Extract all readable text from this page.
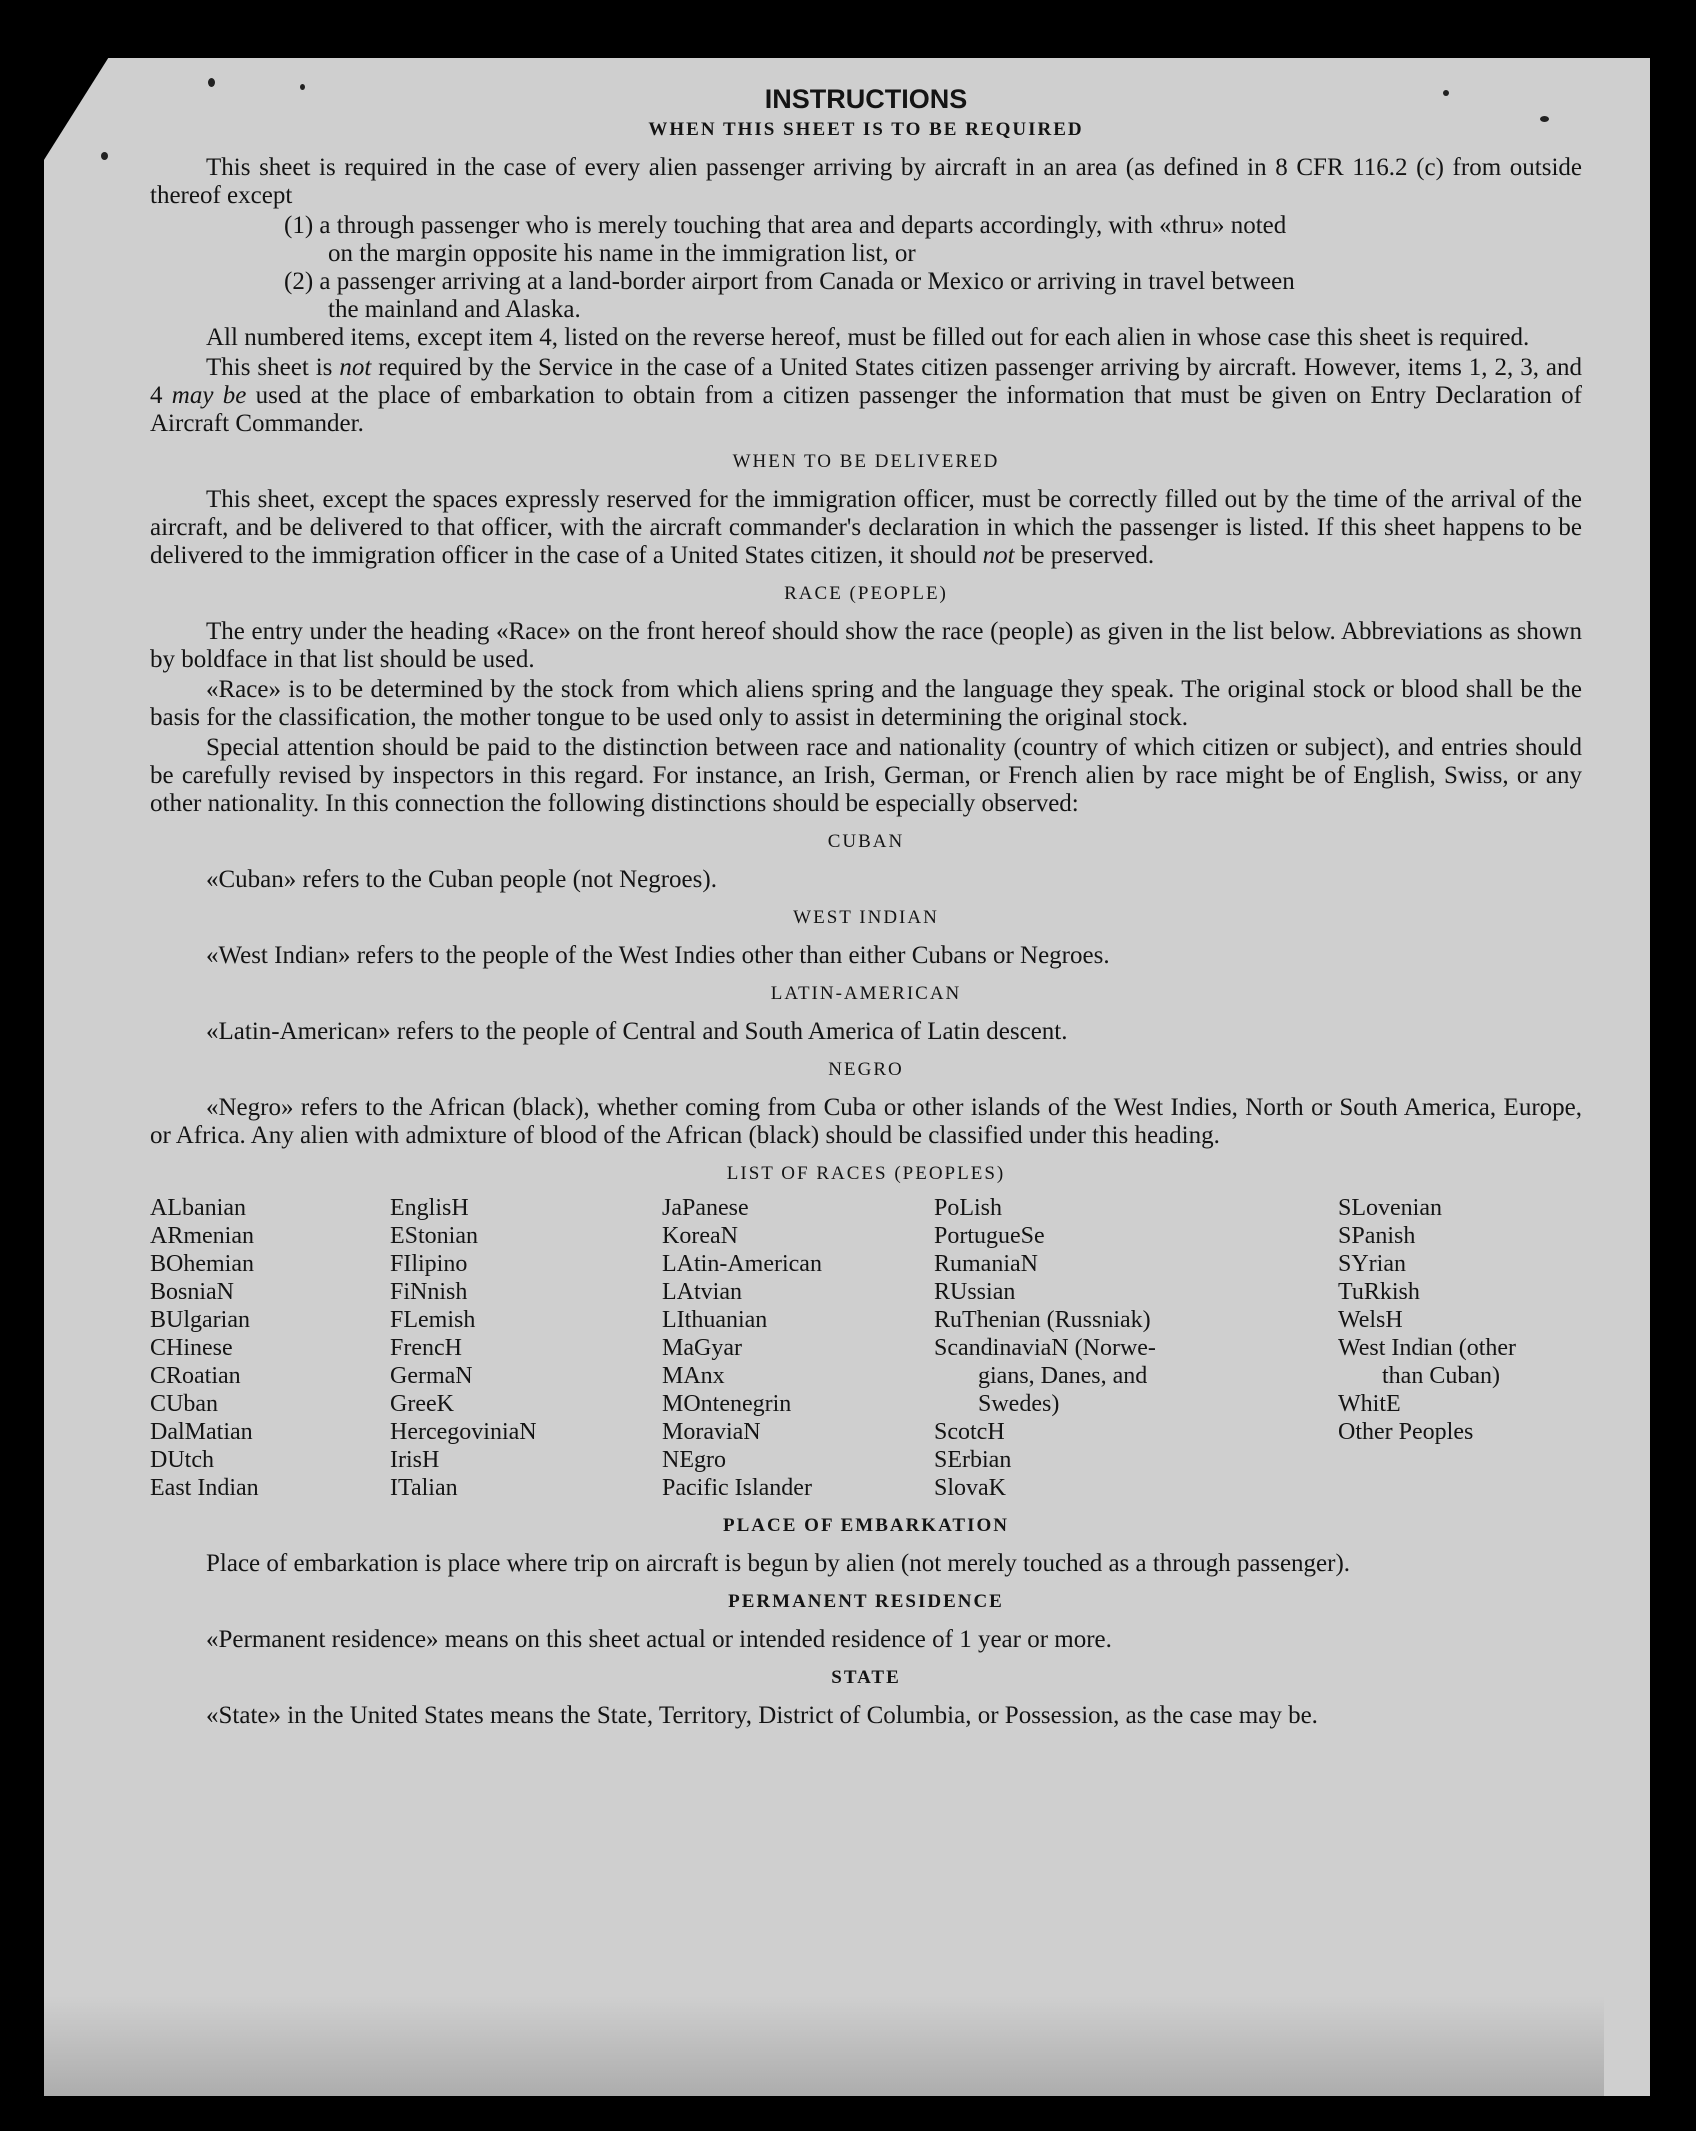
INSTRUCTIONS
WHEN THIS SHEET IS TO BE REQUIRED

This sheet is required in the case of every alien passenger arriving by aircraft in an area (as defined in 8 CFR 116.2 (c) from outside thereof except

(1) a through passenger who is merely touching that area and departs accordingly, with «thru» noted
on the margin opposite his name in the immigration list, or

(2) a passenger arriving at a land-border airport from Canada or Mexico or arriving in travel between
the mainland and Alaska.

All numbered items, except item 4, listed on the reverse hereof, must be filled out for each alien in whose case this sheet is required.

This sheet is not required by the Service in the case of a United States citizen passenger arriving by aircraft. However, items 1, 2, 3, and 4 may be used at the place of embarkation to obtain from a citizen passenger the information that must be given on Entry Declaration of Aircraft Commander.

WHEN TO BE DELIVERED

This sheet, except the spaces expressly reserved for the immigration officer, must be correctly filled out by the time of the arrival of the aircraft, and be delivered to that officer, with the aircraft commander's declaration in which the passenger is listed. If this sheet happens to be delivered to the immigration officer in the case of a United States citizen, it should not be preserved.

RACE (PEOPLE)

The entry under the heading «Race» on the front hereof should show the race (people) as given in the list below. Abbreviations as shown by boldface in that list should be used.

«Race» is to be determined by the stock from which aliens spring and the language they speak. The original stock or blood shall be the basis for the classification, the mother tongue to be used only to assist in determining the original stock.

Special attention should be paid to the distinction between race and nationality (country of which citizen or subject), and entries should be carefully revised by inspectors in this regard. For instance, an Irish, German, or French alien by race might be of English, Swiss, or any other nationality. In this connection the following distinctions should be especially observed:

CUBAN

«Cuban» refers to the Cuban people (not Negroes).

WEST INDIAN

«West Indian» refers to the people of the West Indies other than either Cubans or Negroes.

LATIN-AMERICAN

«Latin-American» refers to the people of Central and South America of Latin descent.

NEGRO

«Negro» refers to the African (black), whether coming from Cuba or other islands of the West Indies, North or South America, Europe, or Africa. Any alien with admixture of blood of the African (black) should be classified under this heading.

LIST OF RACES (PEOPLES)
ALbanian
ARmenian
BOhemian
BosniaN
BUlgarian
CHinese
CRoatian
CUban
DalMatian
DUtch
East Indian
EnglisH
EStonian
FIlipino
FiNnish
FLemish
FrencH
GermaN
GreeK
HercegoviniaN
IrisH
ITalian
JaPanese
KoreaN
LAtin-American
LAtvian
LIthuanian
MaGyar
MAnx
MOntenegrin
MoraviaN
NEgro
Pacific Islander
PoLish
PortugueSe
RumaniaN
RUssian
RuThenian (Russniak)
ScandinaviaN (Norwe-
gians, Danes, and
Swedes)
ScotcH
SErbian
SlovaK
SLovenian
SPanish
SYrian
TuRkish
WelsH
West Indian (other
than Cuban)
WhitE
Other Peoples
PLACE OF EMBARKATION

Place of embarkation is place where trip on aircraft is begun by alien (not merely touched as a through passenger).

PERMANENT RESIDENCE

«Permanent residence» means on this sheet actual or intended residence of 1 year or more.

STATE

«State» in the United States means the State, Territory, District of Columbia, or Possession, as the case may be.
